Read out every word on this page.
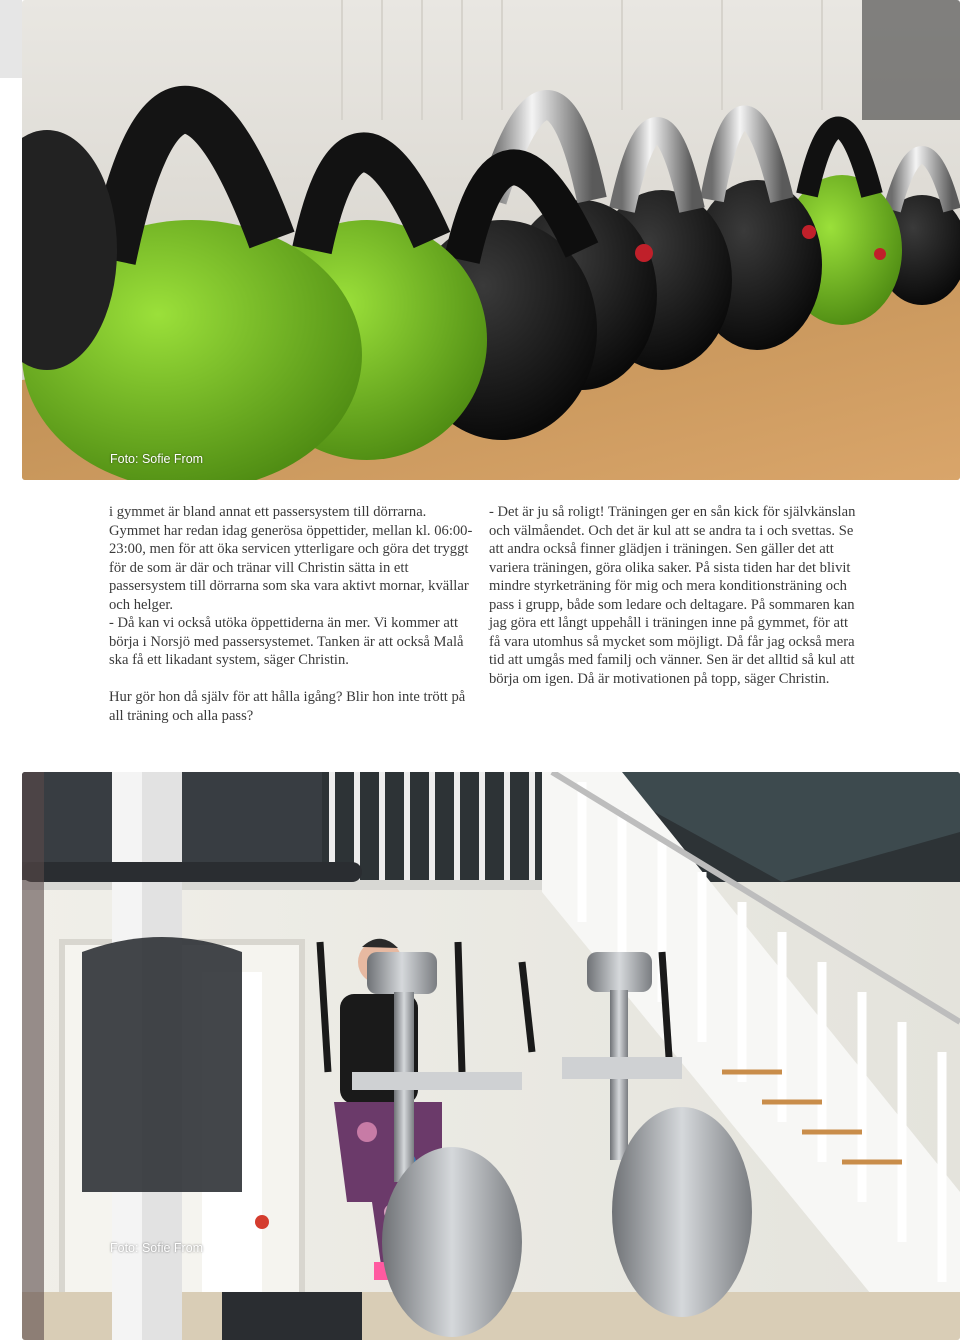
Foto: Sofie From

i gymmet är bland annat ett passersystem till dörrarna. Gymmet har redan idag generösa öppettider, mellan kl. 06:00-23:00, men för att öka servicen ytterligare och göra det tryggt för de som är där och tränar vill Christin sätta in ett passersystem till dörrarna som ska vara aktivt mornar, kvällar och helger.

- Då kan vi också utöka öppettiderna än mer. Vi kommer att börja i Norsjö med passersystemet. Tanken är att också Malå ska få ett likadant system, säger Christin.

Hur gör hon då själv för att hålla igång? Blir hon inte trött på all träning och alla pass?

- Det är ju så roligt! Träningen ger en sån kick för självkänslan och välmåendet. Och det är kul att se andra ta i och svettas. Se att andra också finner glädjen i träningen. Sen gäller det att variera träningen, göra olika saker. På sista tiden har det blivit mindre styrketräning för mig och mera konditionsträning och pass i grupp, både som ledare och deltagare. På sommaren kan jag göra ett långt uppehåll i träningen inne på gymmet, för att få vara utomhus så mycket som möjligt. Då får jag också mera tid att umgås med familj och vänner. Sen är det alltid så kul att börja om igen. Då är motivationen på topp, säger Christin.

Foto: Sofie From
